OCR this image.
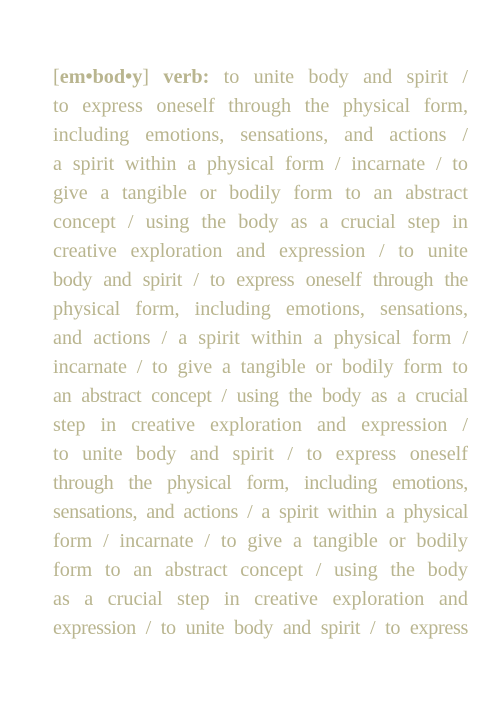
[em•bod•y] verb: to unite body and spirit /
to express oneself through the physical form,
including emotions, sensations, and actions /
a spirit within a physical form / incarnate / to
give a tangible or bodily form to an abstract
concept / using the body as a crucial step in
creative exploration and expression / to unite
body and spirit / to express oneself through the
physical form, including emotions, sensations,
and actions / a spirit within a physical form /
incarnate / to give a tangible or bodily form to
an abstract concept / using the body as a crucial
step in creative exploration and expression /
to unite body and spirit / to express oneself
through the physical form, including emotions,
sensations, and actions / a spirit within a physical
form / incarnate / to give a tangible or bodily
form to an abstract concept / using the body
as a crucial step in creative exploration and
expression / to unite body and spirit / to express
